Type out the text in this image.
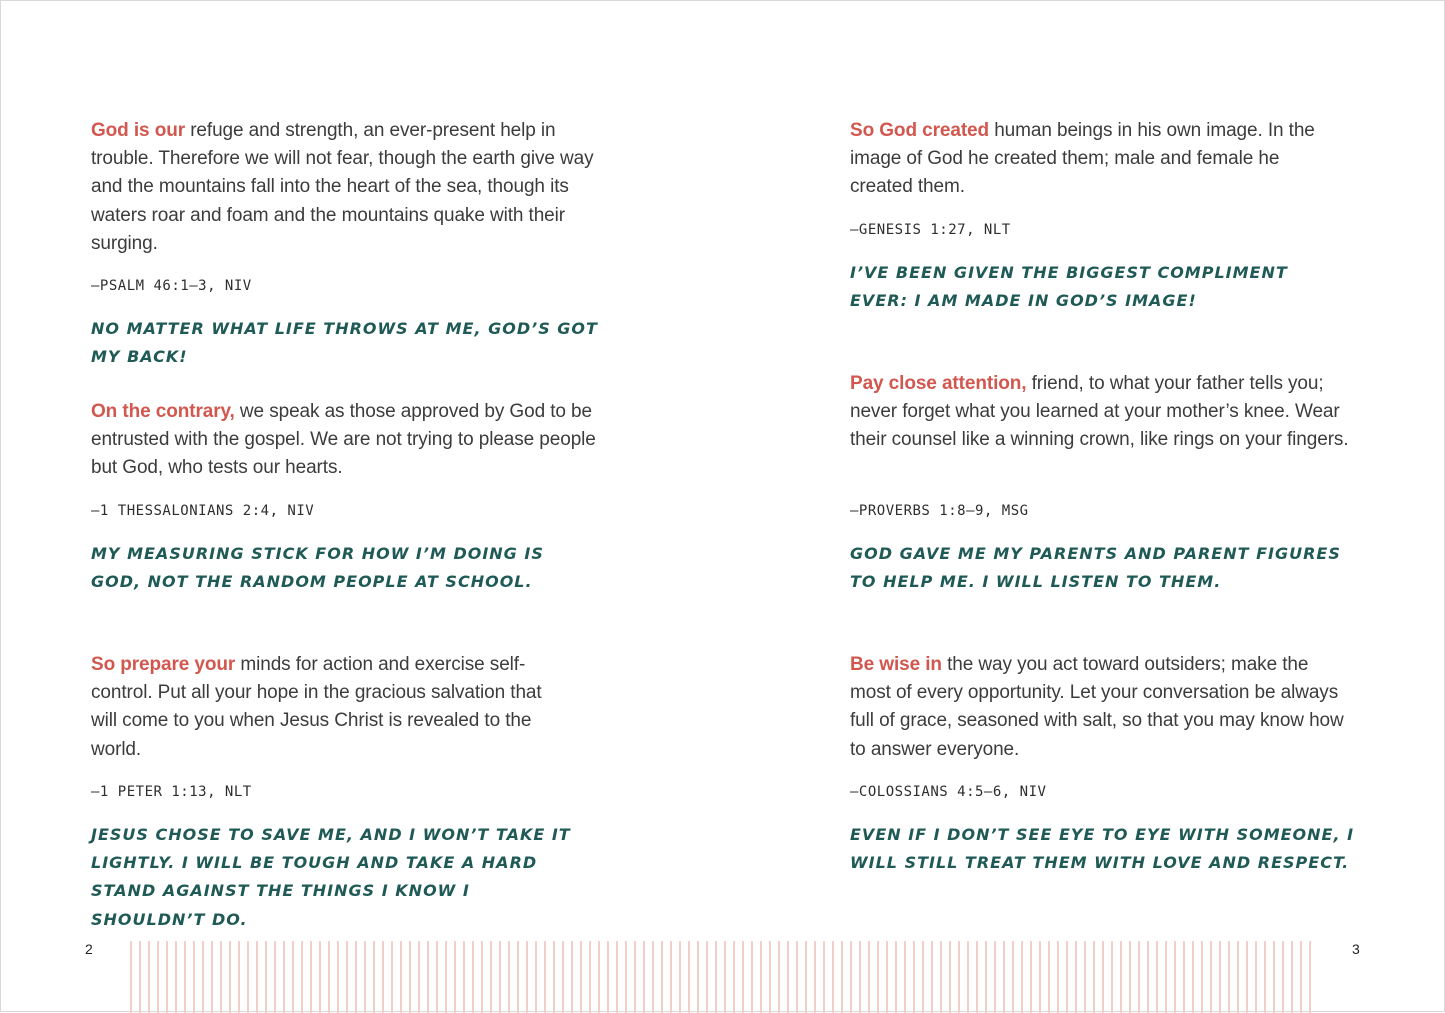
God is our refuge and strength, an ever-present help in trouble. Therefore we will not fear, though the earth give way and the mountains fall into the heart of the sea, though its waters roar and foam and the mountains quake with their surging.

–PSALM 46:1–3, NIV

NO MATTER WHAT LIFE THROWS AT ME, GOD’S GOT MY BACK!

On the contrary, we speak as those approved by God to be entrusted with the gospel. We are not trying to please people but God, who tests our hearts.

–1 THESSALONIANS 2:4, NIV

MY MEASURING STICK FOR HOW I’M DOING IS GOD, NOT THE RANDOM PEOPLE AT SCHOOL.

So prepare your minds for action and exercise self-control. Put all your hope in the gracious salvation that will come to you when Jesus Christ is revealed to the world.

–1 PETER 1:13, NLT

JESUS CHOSE TO SAVE ME, AND I WON’T TAKE IT LIGHTLY. I WILL BE TOUGH AND TAKE A HARD STAND AGAINST THE THINGS I KNOW I SHOULDN’T DO.

So God created human beings in his own image. In the image of God he created them; male and female he created them.

–GENESIS 1:27, NLT

I’VE BEEN GIVEN THE BIGGEST COMPLIMENT EVER: I AM MADE IN GOD’S IMAGE!

Pay close attention, friend, to what your father tells you; never forget what you learned at your mother’s knee. Wear their counsel like a winning crown, like rings on your fingers.

–PROVERBS 1:8–9, MSG

GOD GAVE ME MY PARENTS AND PARENT FIGURES TO HELP ME. I WILL LISTEN TO THEM.

Be wise in the way you act toward outsiders; make the most of every opportunity. Let your conversation be always full of grace, seasoned with salt, so that you may know how to answer everyone.

–COLOSSIANS 4:5–6, NIV

EVEN IF I DON’T SEE EYE TO EYE WITH SOMEONE, I WILL STILL TREAT THEM WITH LOVE AND RESPECT.

2	3
